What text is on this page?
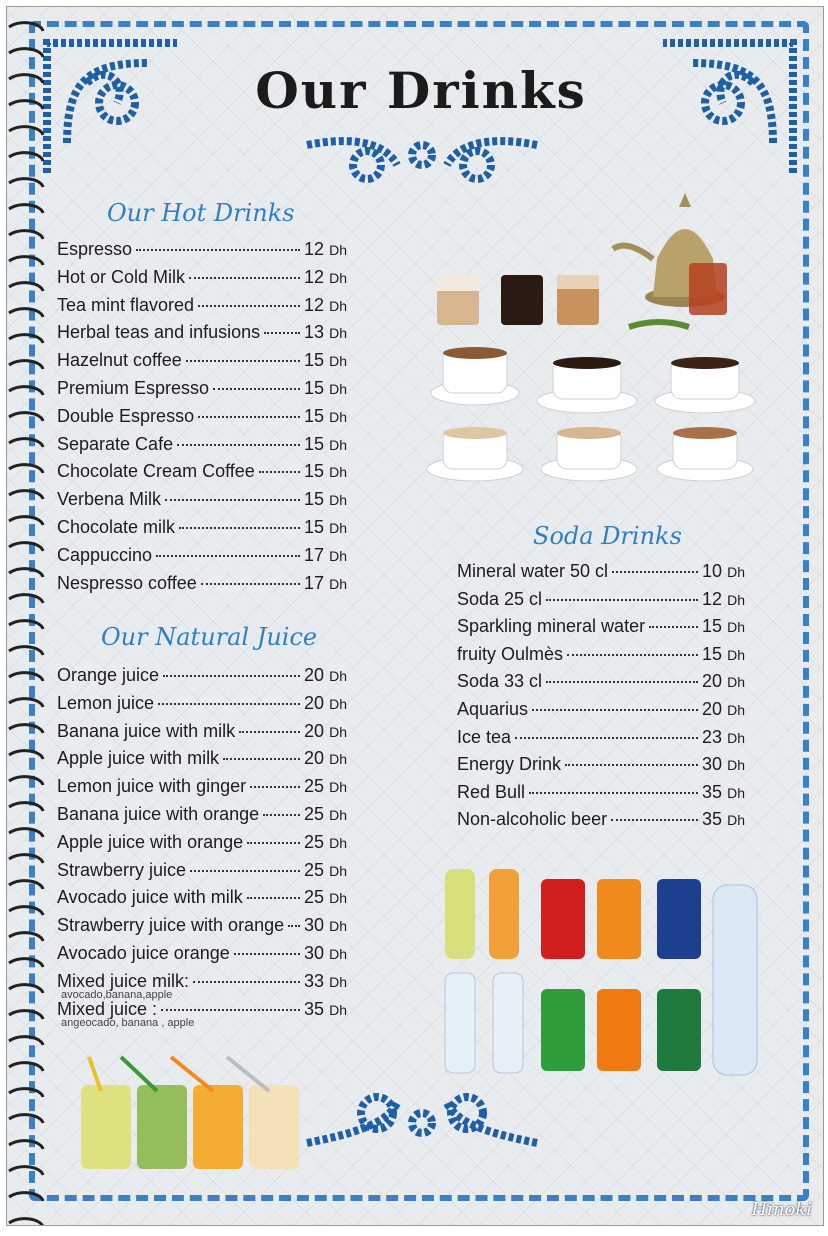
Our Drinks
Our Hot Drinks
Our Natural Juice
Soda Drinks
Espresso	12 Dh
Hot or Cold Milk	12 Dh
Tea mint flavored	12 Dh
Herbal teas and infusions 13 Dh
Hazelnut coffee	15 Dh
Premium Espresso	15 Dh
Double Espresso	15 Dh
Separate Cafe	15 Dh
Chocolate Cream Coffee	15 Dh
Verbena Milk	15 Dh
Chocolate milk	15 Dh
Cappuccino	17 Dh
Nespresso coffee	17 Dh
Orange juice	20 Dh
Lemon juice	20 Dh
Banana juice with milk	20 Dh
Apple juice with milk	20 Dh
Lemon juice with ginger	25 Dh
Banana juice with orange 25 Dh
Apple juice with orange	25 Dh
Strawberry juice	25 Dh
Avocado juice with milk	25 Dh
Strawberry juice with orange 30 Dh
Avocado juice orange	30 Dh
Mixed juice milk:	33 Dh
avocado,banana,apple
Mixed juice :	35 Dh
angeocado, banana , apple
Mineral water 50 cl	10 Dh
Soda 25 cl	12 Dh
Sparkling mineral water	15 Dh
fruity Oulmès	15 Dh
Soda 33 cl	20 Dh
Aquarius	20 Dh
Ice tea	23 Dh
Energy Drink	30 Dh
Red Bull	35 Dh
Non-alcoholic beer	35 Dh
Hinoki
